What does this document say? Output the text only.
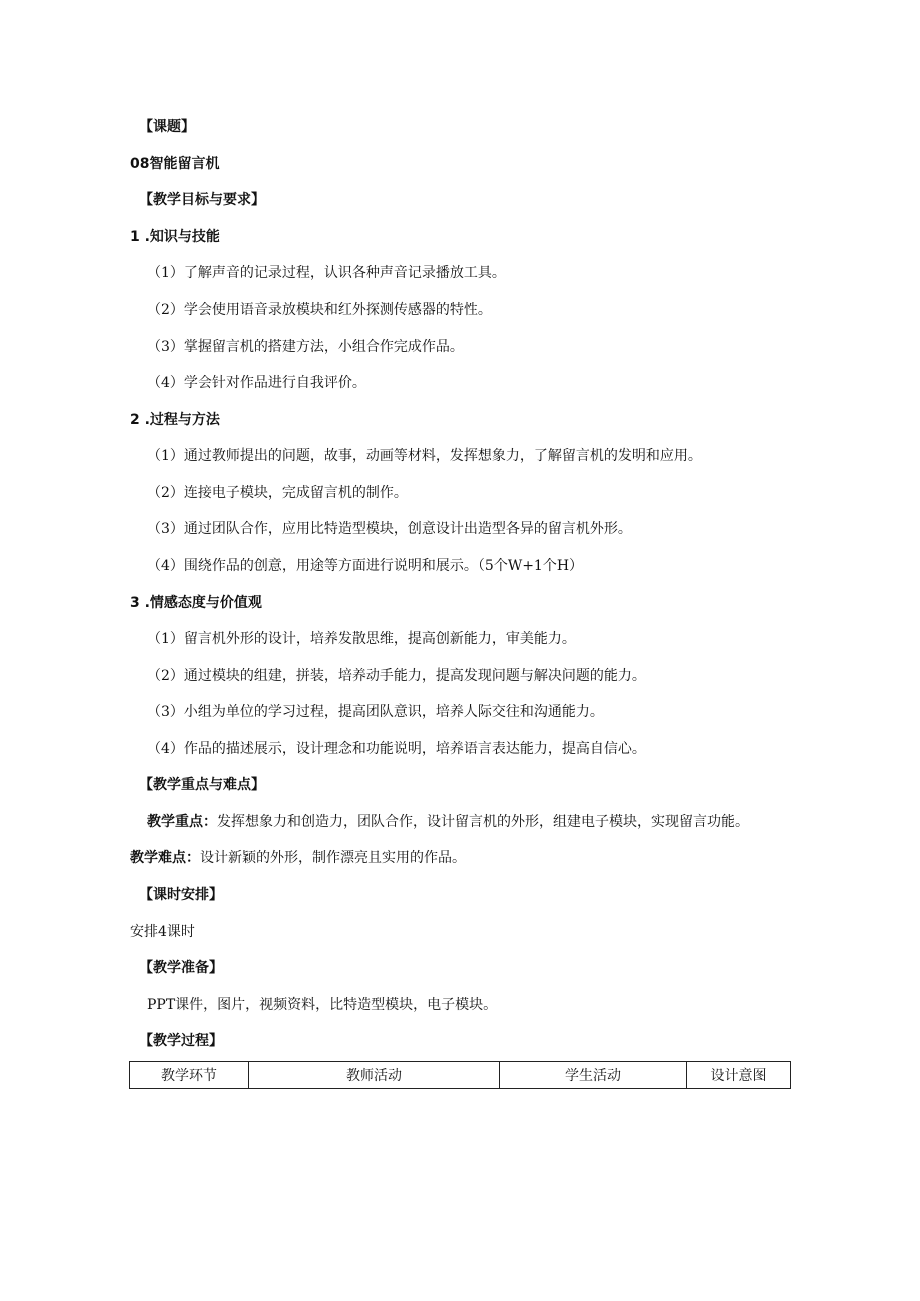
【课题】
08智能留言机
【教学目标与要求】
1 .知识与技能
（1）了解声音的记录过程，认识各种声音记录播放工具。
（2）学会使用语音录放模块和红外探测传感器的特性。
（3）掌握留言机的搭建方法，小组合作完成作品。
（4）学会针对作品进行自我评价。
2 .过程与方法
（1）通过教师提出的问题，故事，动画等材料，发挥想象力，了解留言机的发明和应用。
（2）连接电子模块，完成留言机的制作。
（3）通过团队合作，应用比特造型模块，创意设计出造型各异的留言机外形。
（4）围绕作品的创意，用途等方面进行说明和展示。（5个W+1个H）
3 .情感态度与价值观
（1）留言机外形的设计，培养发散思维，提高创新能力，审美能力。
（2）通过模块的组建，拼装，培养动手能力，提高发现问题与解决问题的能力。
（3）小组为单位的学习过程，提高团队意识，培养人际交往和沟通能力。
（4）作品的描述展示，设计理念和功能说明，培养语言表达能力，提高自信心。
【教学重点与难点】
教学重点：发挥想象力和创造力，团队合作，设计留言机的外形，组建电子模块，实现留言功能。
教学难点：设计新颖的外形，制作漂亮且实用的作品。
【课时安排】
安排4课时
【教学准备】
PPT课件，图片，视频资料，比特造型模块，电子模块。
【教学过程】
教学环节	教师活动	学生活动	设计意图
